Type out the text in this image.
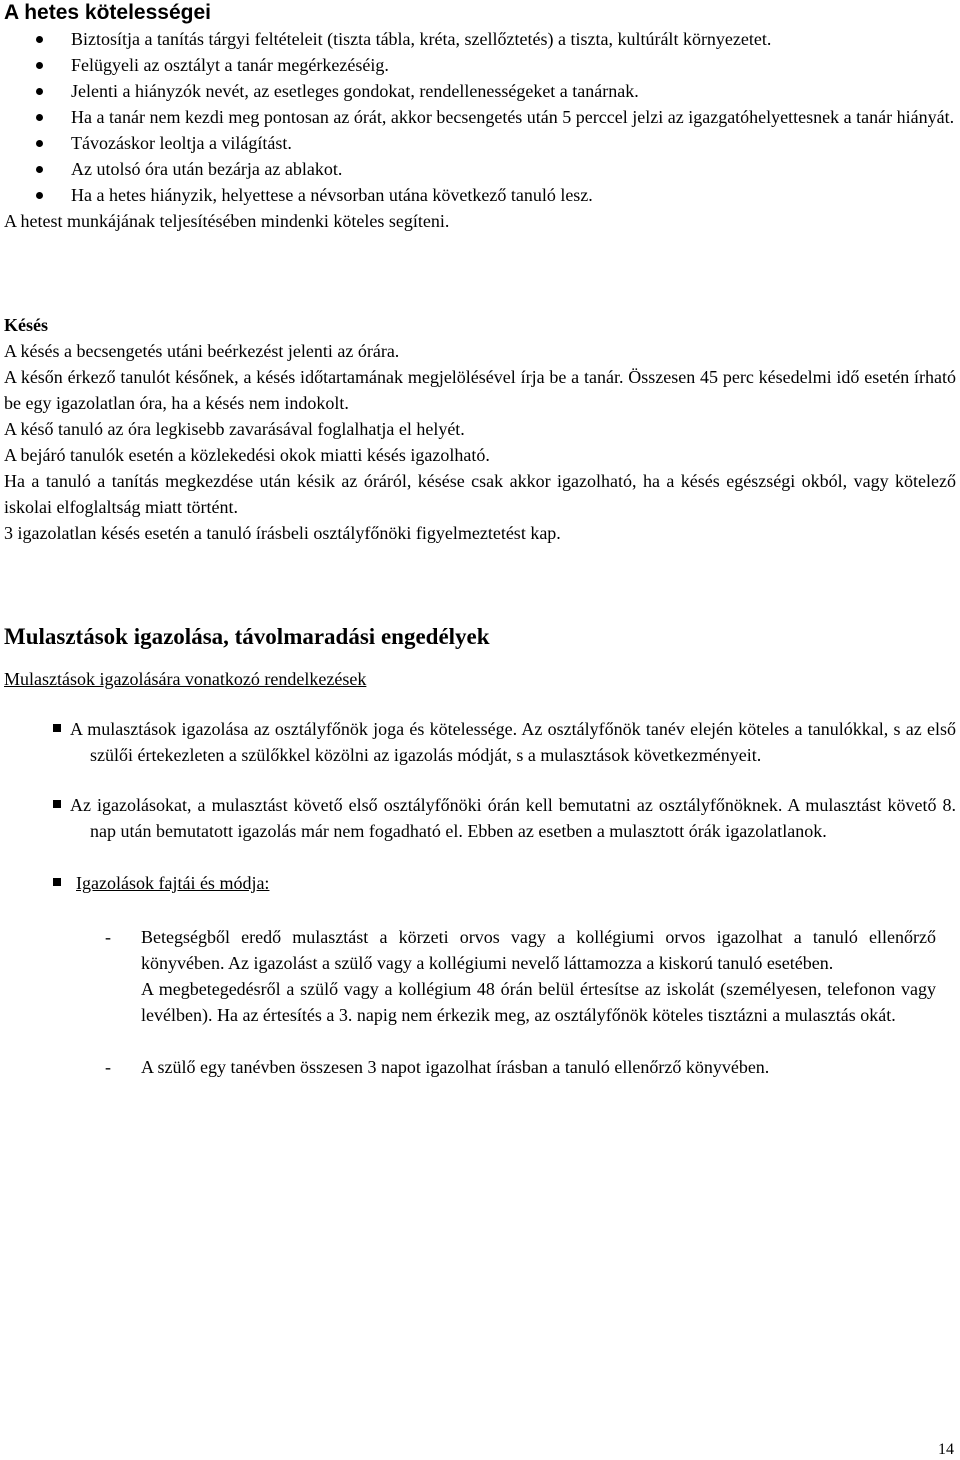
A hetes kötelességei
Biztosítja a tanítás tárgyi feltételeit (tiszta tábla, kréta, szellőztetés) a tiszta, kultúrált környezetet.
Felügyeli az osztályt a tanár megérkezéséig.
Jelenti a hiányzók nevét, az esetleges gondokat, rendellenességeket a tanárnak.
Ha a tanár nem kezdi meg pontosan az órát, akkor becsengetés után 5 perccel jelzi az igazgatóhelyettesnek a tanár hiányát.
Távozáskor leoltja a világítást.
Az utolsó óra után bezárja az ablakot.
Ha a hetes hiányzik, helyettese a névsorban utána következő tanuló lesz.

A hetest munkájának teljesítésében mindenki köteles segíteni.

Késés

A késés a becsengetés utáni beérkezést jelenti az órára.

A későn érkező tanulót későnek, a késés időtartamának megjelölésével írja be a tanár. Összesen 45 perc késedelmi idő esetén írható be egy igazolatlan óra, ha a késés nem indokolt.

A késő tanuló az óra legkisebb zavarásával foglalhatja el helyét.

A bejáró tanulók esetén a közlekedési okok miatti késés igazolható.

Ha a tanuló a tanítás megkezdése után késik az óráról, késése csak akkor igazolható, ha a késés egészségi okból, vagy kötelező iskolai elfoglaltság miatt történt.

3 igazolatlan késés esetén a tanuló írásbeli osztályfőnöki figyelmeztetést kap.

Mulasztások igazolása, távolmaradási engedélyek

Mulasztások igazolására vonatkozó rendelkezések

A mulasztások igazolása az osztályfőnök joga és kötelessége. Az osztályfőnök tanév elején köteles a tanulókkal, s az első szülői értekezleten a szülőkkel közölni az igazolás módját, s a mulasztások következményeit.
Az igazolásokat, a mulasztást követő első osztályfőnöki órán kell bemutatni az osztályfőnöknek. A mulasztást követő 8. nap után bemutatott igazolás már nem fogadható el. Ebben az esetben a mulasztott órák igazolatlanok.
Igazolások fajtái és módja:
- Betegségből eredő mulasztást a körzeti orvos vagy a kollégiumi orvos igazolhat a tanuló ellenőrző könyvében. Az igazolást a szülő vagy a kollégiumi nevelő láttamozza a kiskorú tanuló esetében.
A megbetegedésről a szülő vagy a kollégium 48 órán belül értesítse az iskolát (személyesen, telefonon vagy levélben). Ha az értesítés a 3. napig nem érkezik meg, az osztályfőnök köteles tisztázni a mulasztás okát.
- A szülő egy tanévben összesen 3 napot igazolhat írásban a tanuló ellenőrző könyvében.
14
